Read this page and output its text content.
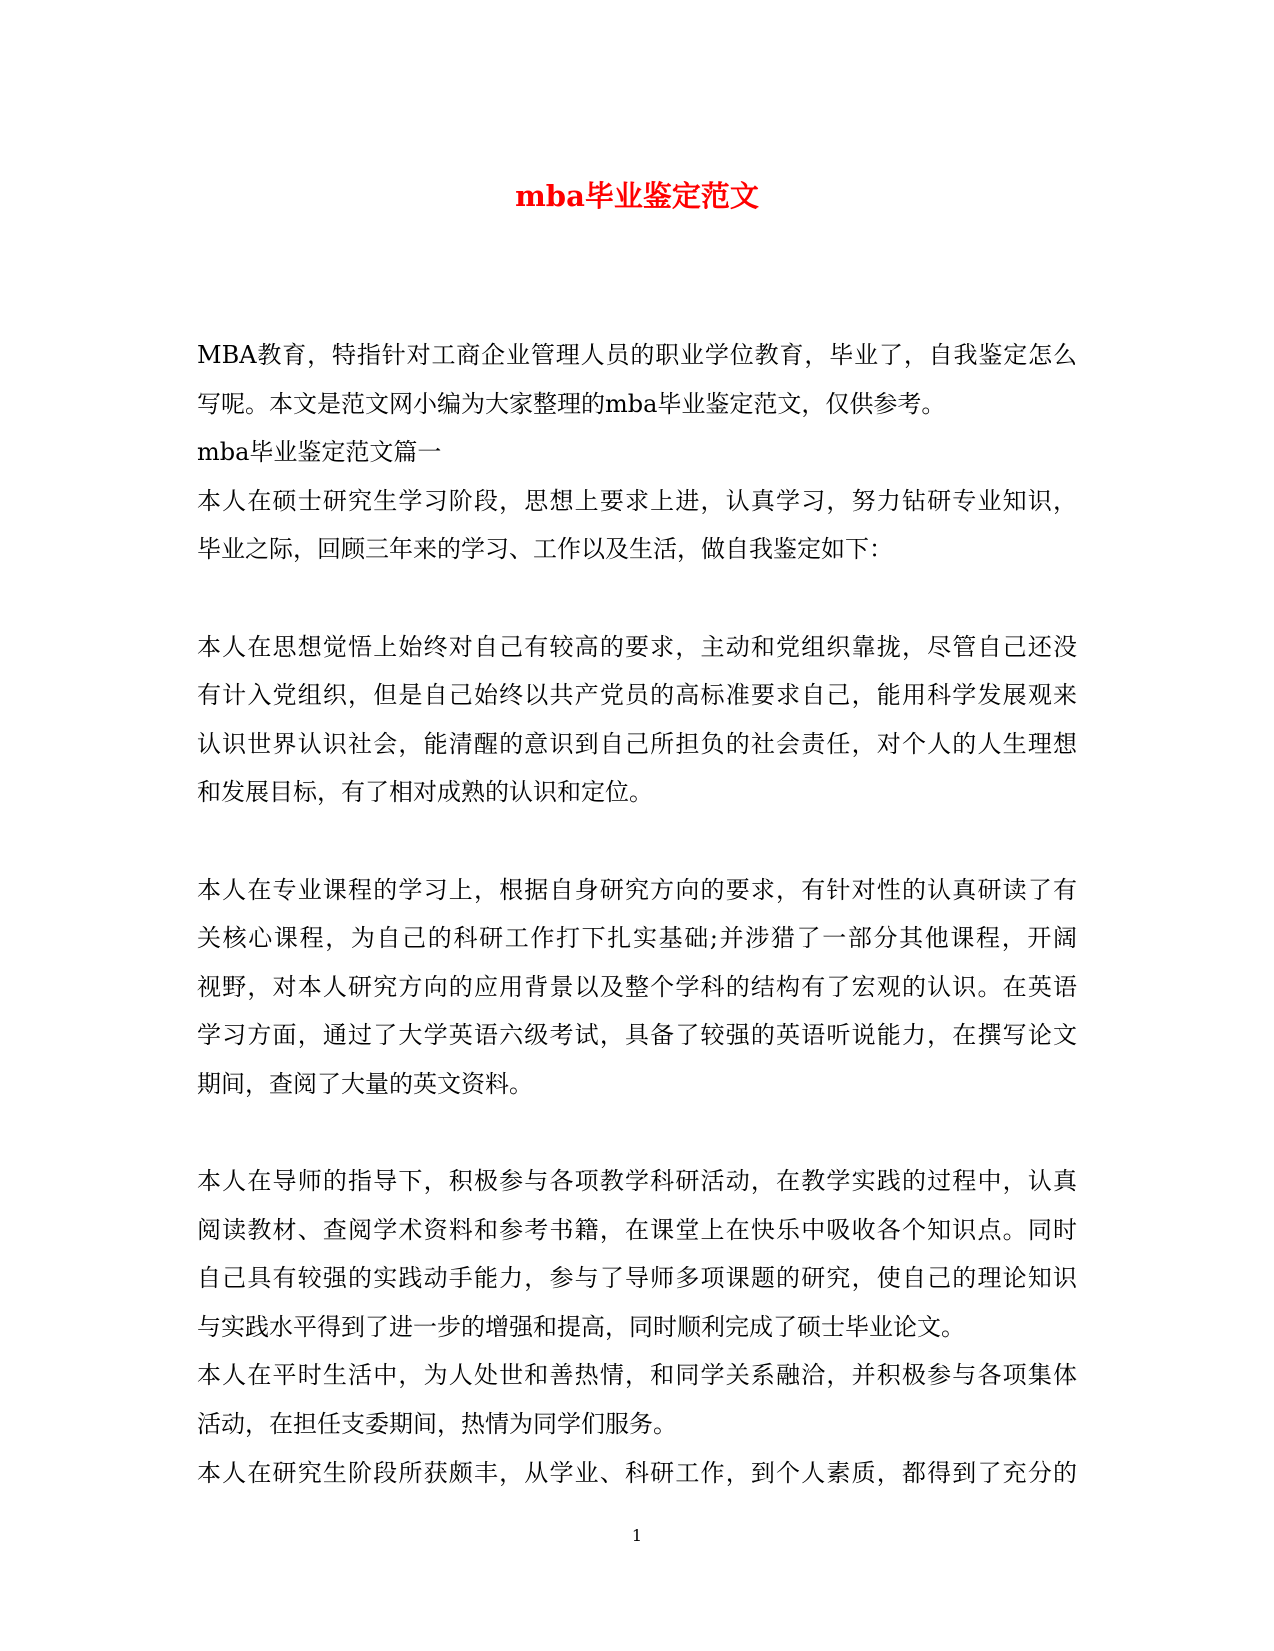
mba毕业鉴定范文
MBA教育，特指针对工商企业管理人员的职业学位教育，毕业了，自我鉴定怎么
写呢。本文是范文网小编为大家整理的mba毕业鉴定范文，仅供参考。
mba毕业鉴定范文篇一
本人在硕士研究生学习阶段，思想上要求上进，认真学习，努力钻研专业知识，
毕业之际，回顾三年来的学习、工作以及生活，做自我鉴定如下：
本人在思想觉悟上始终对自己有较高的要求，主动和党组织靠拢，尽管自己还没
有计入党组织，但是自己始终以共产党员的高标准要求自己，能用科学发展观来
认识世界认识社会，能清醒的意识到自己所担负的社会责任，对个人的人生理想
和发展目标，有了相对成熟的认识和定位。
本人在专业课程的学习上，根据自身研究方向的要求，有针对性的认真研读了有
关核心课程，为自己的科研工作打下扎实基础;并涉猎了一部分其他课程，开阔
视野，对本人研究方向的应用背景以及整个学科的结构有了宏观的认识。在英语
学习方面，通过了大学英语六级考试，具备了较强的英语听说能力，在撰写论文
期间，查阅了大量的英文资料。
本人在导师的指导下，积极参与各项教学科研活动，在教学实践的过程中，认真
阅读教材、查阅学术资料和参考书籍，在课堂上在快乐中吸收各个知识点。同时
自己具有较强的实践动手能力，参与了导师多项课题的研究，使自己的理论知识
与实践水平得到了进一步的增强和提高，同时顺利完成了硕士毕业论文。
本人在平时生活中，为人处世和善热情，和同学关系融洽，并积极参与各项集体
活动，在担任支委期间，热情为同学们服务。
本人在研究生阶段所获颇丰，从学业、科研工作，到个人素质，都得到了充分的
1
